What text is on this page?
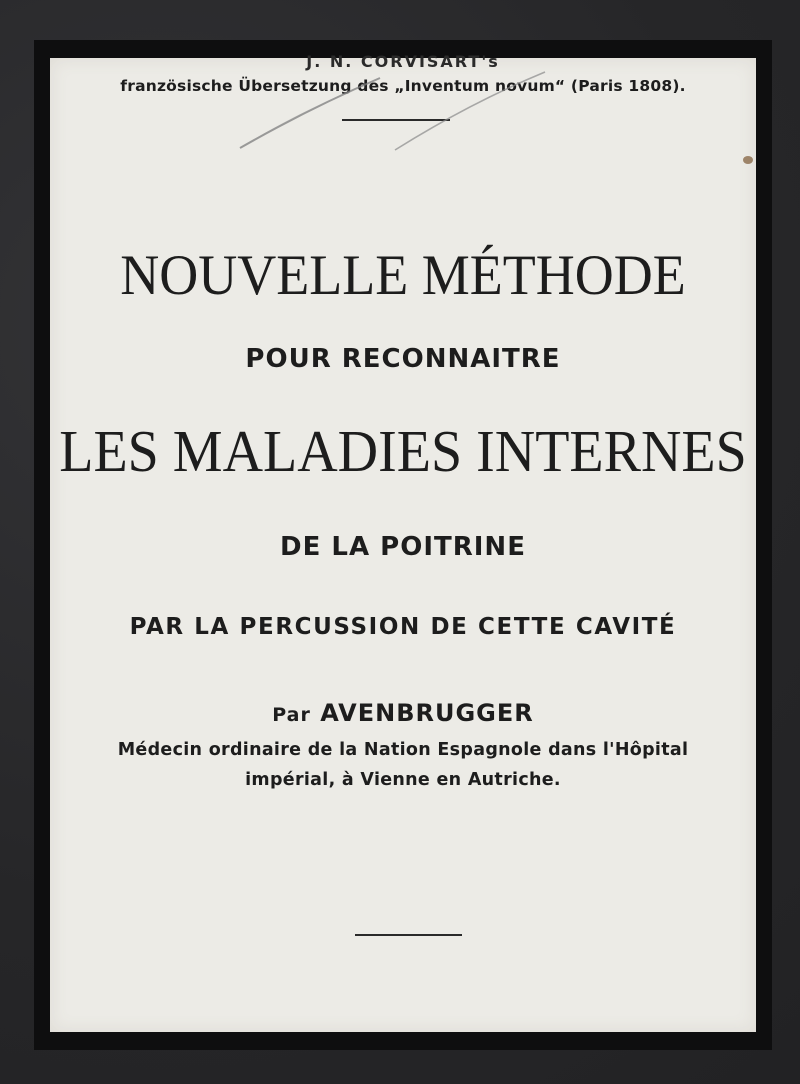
J. N. CORVISART's
französische Übersetzung des „Inventum novum“ (Paris 1808).
NOUVELLE MÉTHODE
POUR RECONNAITRE
LES MALADIES INTERNES
DE LA POITRINE
PAR LA PERCUSSION DE CETTE CAVITÉ
Par AVENBRUGGER
Médecin ordinaire de la Nation Espagnole dans l'Hôpital
impérial, à Vienne en Autriche.
